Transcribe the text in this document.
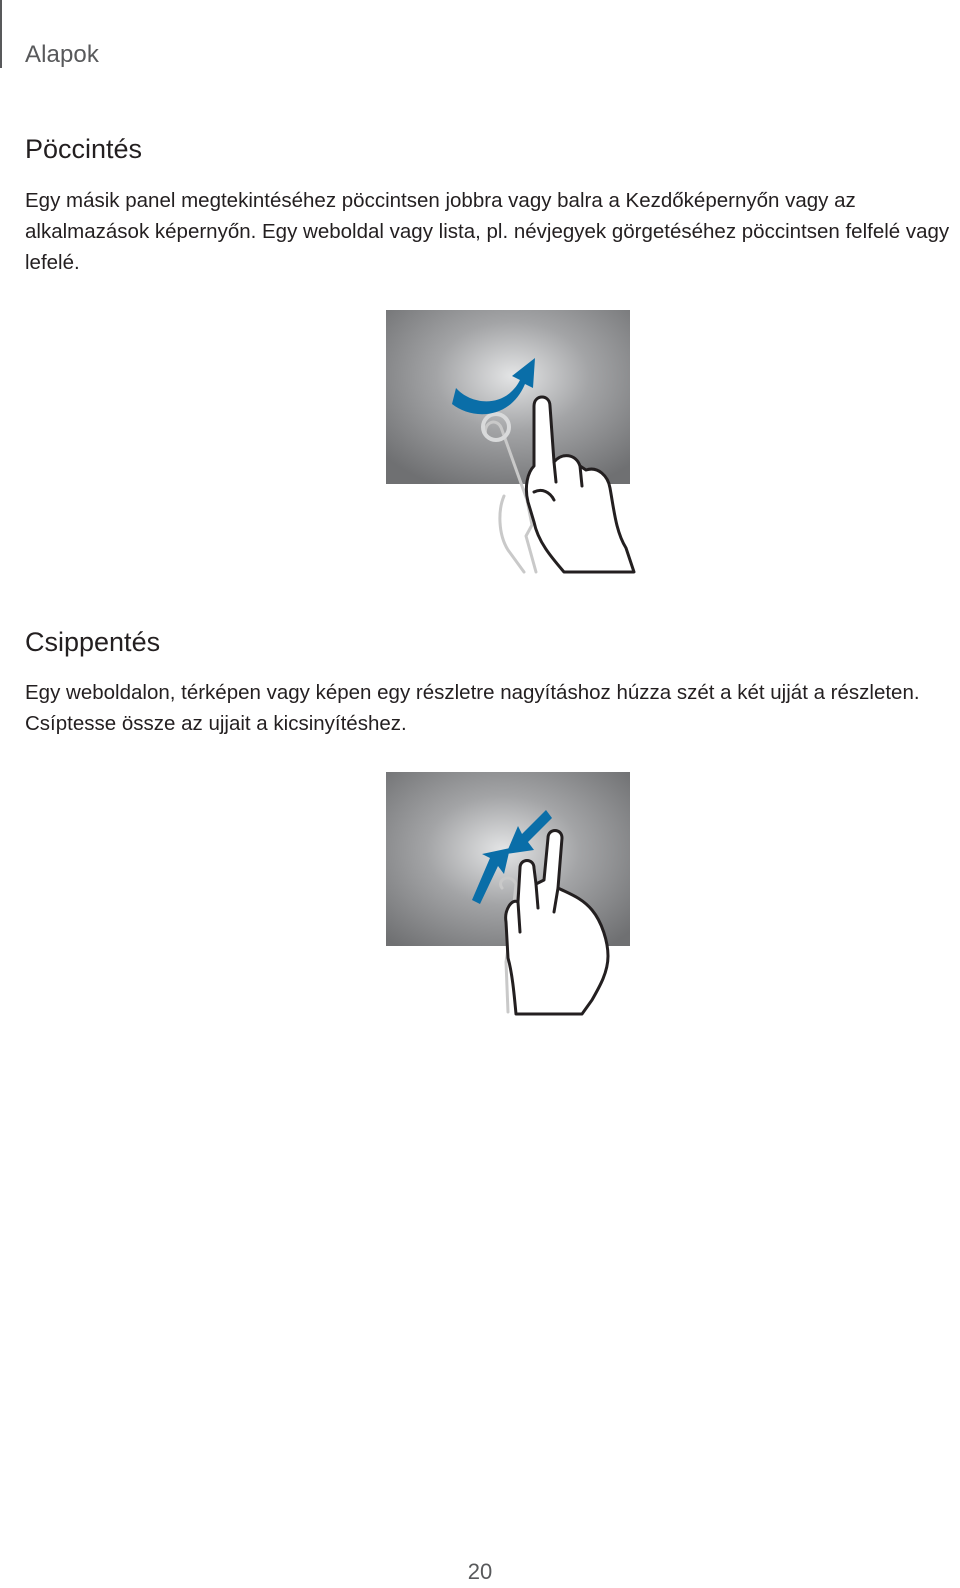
Alapok
Pöccintés

Egy másik panel megtekintéséhez pöccintsen jobbra vagy balra a Kezdőképernyőn vagy az alkalmazások képernyőn. Egy weboldal vagy lista, pl. névjegyek görgetéséhez pöccintsen felfelé vagy lefelé.

Csippentés

Egy weboldalon, térképen vagy képen egy részletre nagyításhoz húzza szét a két ujját a részleten. Csíptesse össze az ujjait a kicsinyítéshez.

20
